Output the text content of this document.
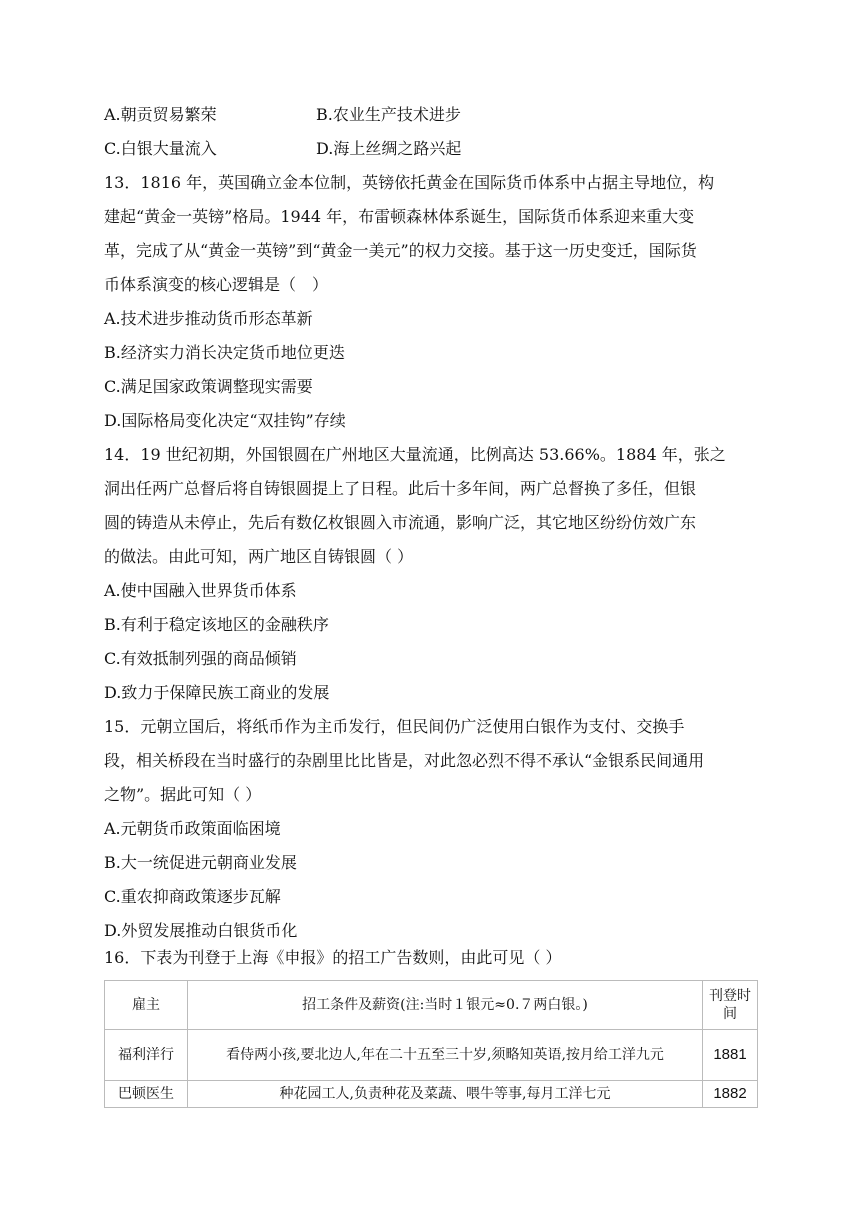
A.朝贡贸易繁荣	B.农业生产技术进步
C.白银大量流入	D.海上丝绸之路兴起
13．1816 年，英国确立金本位制，英镑依托黄金在国际货币体系中占据主导地位，构
建起“黄金一英镑”格局。1944 年，布雷顿森林体系诞生，国际货币体系迎来重大变
革，完成了从“黄金一英镑”到“黄金一美元”的权力交接。基于这一历史变迁，国际货
币体系演变的核心逻辑是（　）
A.技术进步推动货币形态革新
B.经济实力消长决定货币地位更迭
C.满足国家政策调整现实需要
D.国际格局变化决定“双挂钩”存续
14．19 世纪初期，外国银圆在广州地区大量流通，比例高达 53.66%。1884 年，张之
洞出任两广总督后将自铸银圆提上了日程。此后十多年间，两广总督换了多任，但银
圆的铸造从未停止，先后有数亿枚银圆入市流通，影响广泛，其它地区纷纷仿效广东
的做法。由此可知，两广地区自铸银圆（ ）
A.使中国融入世界货币体系
B.有利于稳定该地区的金融秩序
C.有效抵制列强的商品倾销
D.致力于保障民族工商业的发展
15．元朝立国后，将纸币作为主币发行，但民间仍广泛使用白银作为支付、交换手
段，相关桥段在当时盛行的杂剧里比比皆是，对此忽必烈不得不承认“金银系民间通用
之物”。据此可知（ ）
A.元朝货币政策面临困境
B.大一统促进元朝商业发展
C.重农抑商政策逐步瓦解
D.外贸发展推动白银货币化
16．下表为刊登于上海《申报》的招工广告数则，由此可见（ ）
雇主	招工条件及薪资(注:当时１银元≈0.７两白银。)	刊登时间
福利洋行	看侍两小孩,要北边人,年在二十五至三十岁,须略知英语,按月给工洋九元	1881
巴顿医生	种花园工人,负责种花及菜蔬、喂牛等事,每月工洋七元	1882
